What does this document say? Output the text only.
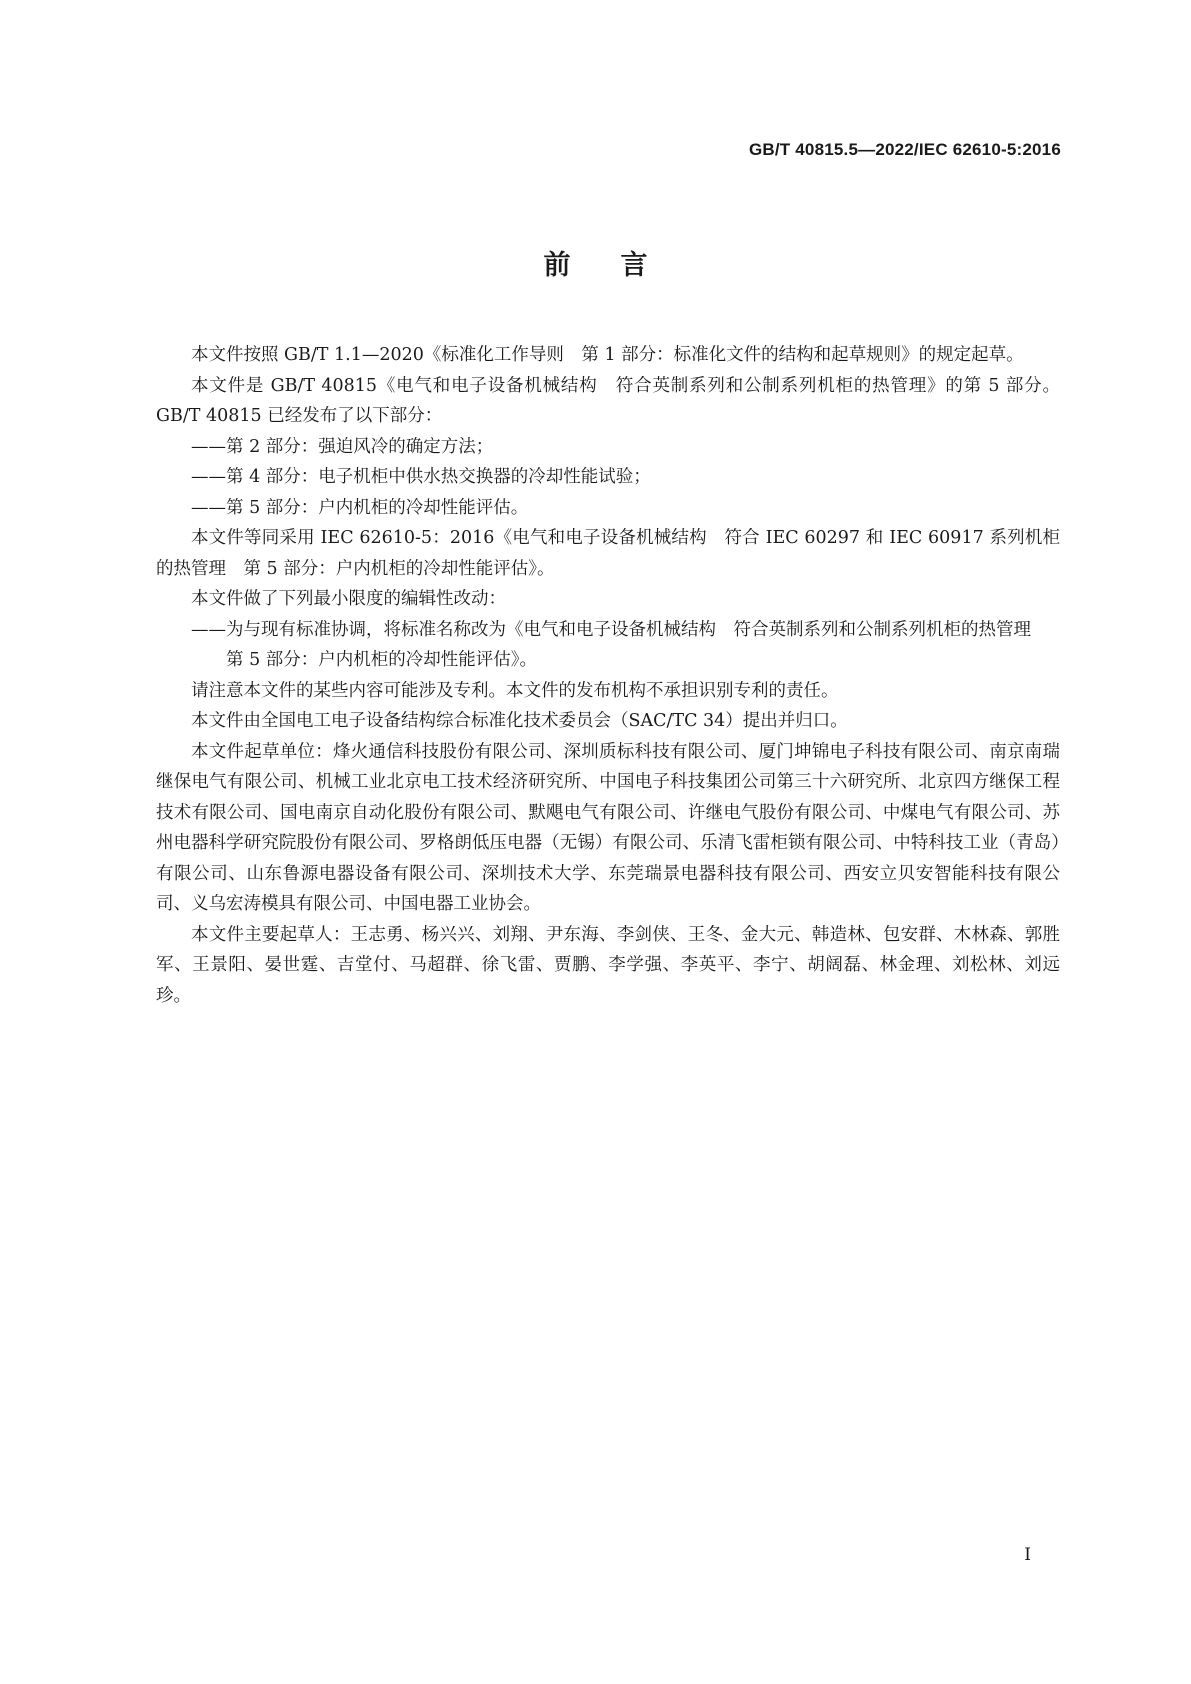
GB/T 40815.5—2022/IEC 62610-5:2016
前言

本文件按照 GB/T 1.1—2020《标准化工作导则　第 1 部分：标准化文件的结构和起草规则》的规定起草。

本文件是 GB/T 40815《电气和电子设备机械结构　符合英制系列和公制系列机柜的热管理》的第 5 部分。GB/T 40815 已经发布了以下部分：

——第 2 部分：强迫风冷的确定方法；

——第 4 部分：电子机柜中供水热交换器的冷却性能试验；

——第 5 部分：户内机柜的冷却性能评估。

本文件等同采用 IEC 62610-5：2016《电气和电子设备机械结构　符合 IEC 60297 和 IEC 60917 系列机柜的热管理　第 5 部分：户内机柜的冷却性能评估》。

本文件做了下列最小限度的编辑性改动：

——为与现有标准协调，将标准名称改为《电气和电子设备机械结构　符合英制系列和公制系列机柜的热管理　第 5 部分：户内机柜的冷却性能评估》。

请注意本文件的某些内容可能涉及专利。本文件的发布机构不承担识别专利的责任。

本文件由全国电工电子设备结构综合标准化技术委员会（SAC/TC 34）提出并归口。

本文件起草单位：烽火通信科技股份有限公司、深圳质标科技有限公司、厦门坤锦电子科技有限公司、南京南瑞继保电气有限公司、机械工业北京电工技术经济研究所、中国电子科技集团公司第三十六研究所、北京四方继保工程技术有限公司、国电南京自动化股份有限公司、默飓电气有限公司、许继电气股份有限公司、中煤电气有限公司、苏州电器科学研究院股份有限公司、罗格朗低压电器（无锡）有限公司、乐清飞雷柜锁有限公司、中特科技工业（青岛）有限公司、山东鲁源电器设备有限公司、深圳技术大学、东莞瑞景电器科技有限公司、西安立贝安智能科技有限公司、义乌宏涛模具有限公司、中国电器工业协会。

本文件主要起草人：王志勇、杨兴兴、刘翔、尹东海、李剑侠、王冬、金大元、韩造林、包安群、木林森、郭胜军、王景阳、晏世霆、吉堂付、马超群、徐飞雷、贾鹏、李学强、李英平、李宁、胡阔磊、林金理、刘松林、刘远珍。

I
